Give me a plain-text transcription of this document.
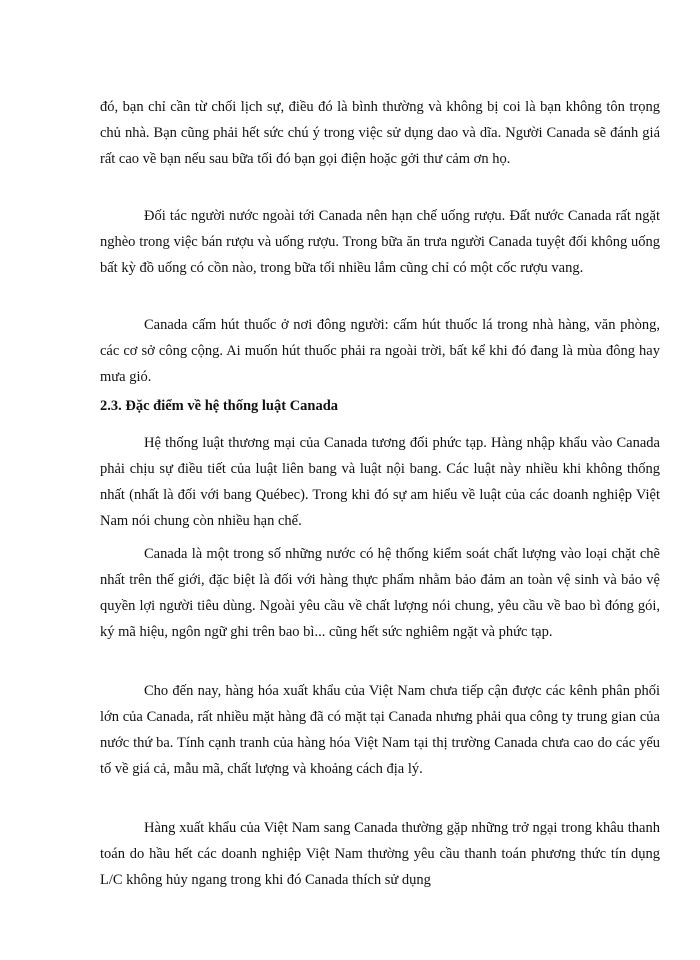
đó, bạn chỉ cần từ chối lịch sự, điều đó là bình thường và không bị coi là bạn không tôn trọng chủ nhà. Bạn cũng phải hết sức chú ý trong việc sử dụng dao và dĩa. Người Canada sẽ đánh giá rất cao về bạn nếu sau bữa tối đó bạn gọi điện hoặc gởi thư cảm ơn họ.

Đối tác người nước ngoài tới Canada nên hạn chế uống rượu. Đất nước Canada rất ngặt nghèo trong việc bán rượu và uống rượu. Trong bữa ăn trưa người Canada tuyệt đối không uống bất kỳ đồ uống có cồn nào, trong bữa tối nhiều lắm cũng chỉ có một cốc rượu vang.

Canada cấm hút thuốc ở nơi đông người: cấm hút thuốc lá trong nhà hàng, văn phòng, các cơ sở công cộng. Ai muốn hút thuốc phải ra ngoài trời, bất kể khi đó đang là mùa đông hay mưa gió.

2.3. Đặc điểm về hệ thống luật Canada

Hệ thống luật thương mại của Canada tương đối phức tạp. Hàng nhập khẩu vào Canada phải chịu sự điều tiết của luật liên bang và luật nội bang. Các luật này nhiều khi không thống nhất (nhất là đối với bang Québec). Trong khi đó sự am hiểu về luật của các doanh nghiệp Việt Nam nói chung còn nhiều hạn chế.

Canada là một trong số những nước có hệ thống kiểm soát chất lượng vào loại chặt chẽ nhất trên thế giới, đặc biệt là đối với hàng thực phẩm nhằm bảo đảm an toàn vệ sinh và bảo vệ quyền lợi người tiêu dùng. Ngoài yêu cầu về chất lượng nói chung, yêu cầu về bao bì đóng gói, ký mã hiệu, ngôn ngữ ghi trên bao bì... cũng hết sức nghiêm ngặt và phức tạp.

Cho đến nay, hàng hóa xuất khẩu của Việt Nam chưa tiếp cận được các kênh phân phối lớn của Canada, rất nhiều mặt hàng đã có mặt tại Canada nhưng phải qua công ty trung gian của nước thứ ba. Tính cạnh tranh của hàng hóa Việt Nam tại thị trường Canada chưa cao do các yếu tố về giá cả, mẫu mã, chất lượng và khoảng cách địa lý.

Hàng xuất khẩu của Việt Nam sang Canada thường gặp những trở ngại trong khâu thanh toán do hầu hết các doanh nghiệp Việt Nam thường yêu cầu thanh toán phương thức tín dụng L/C không hủy ngang trong khi đó Canada thích sử dụng
